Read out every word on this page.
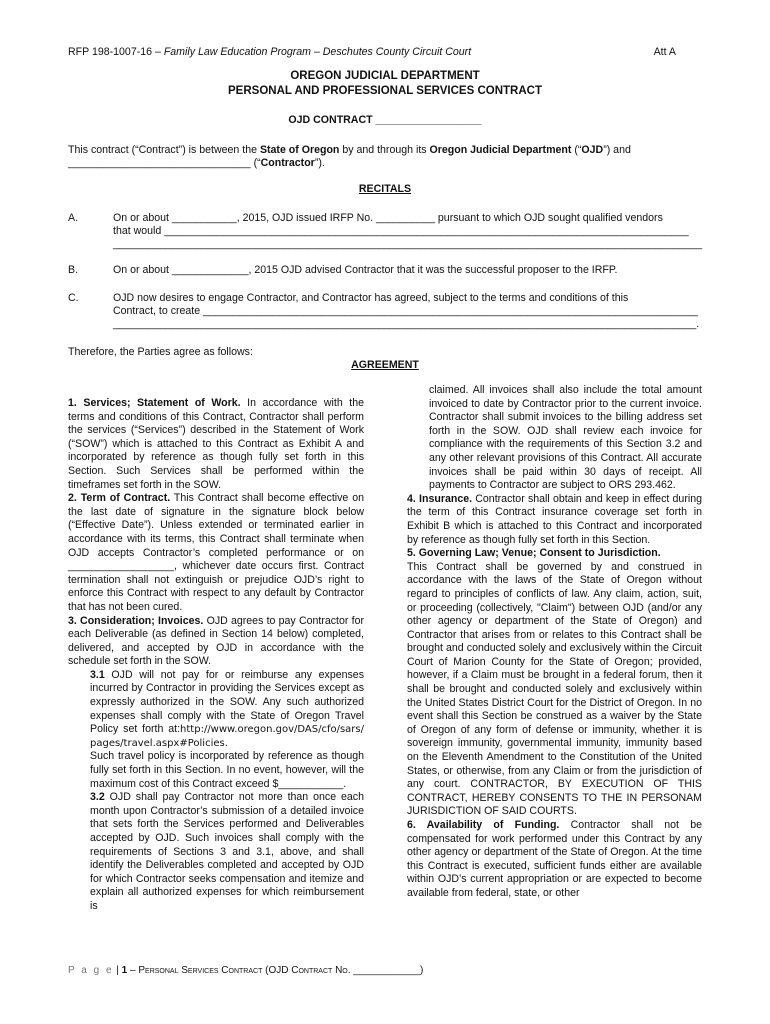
RFP 198-1007-16 – Family Law Education Program – Deschutes County Circuit Court	Att A
OREGON JUDICIAL DEPARTMENT
PERSONAL AND PROFESSIONAL SERVICES CONTRACT
OJD CONTRACT __________________
This contract (“Contract”) is between the State of Oregon by and through its Oregon Judicial Department (“OJD”) and
_______________________________ (“Contractor”).
RECITALS
A.	On or about ___________, 2015, OJD issued IRFP No. __________ pursuant to which OJD sought qualified vendors
that would _________________________________________________________________________________________
____________________________________________________________________________________________________
B.	On or about _____________, 2015 OJD advised Contractor that it was the successful proposer to the IRFP.
C.	OJD now desires to engage Contractor, and Contractor has agreed, subject to the terms and conditions of this
Contract, to create ____________________________________________________________________________________
___________________________________________________________________________________________________.
Therefore, the Parties agree as follows:
AGREEMENT

1. Services; Statement of Work. In accordance with the terms and conditions of this Contract, Contractor shall perform the services (“Services”) described in the Statement of Work (“SOW”) which is attached to this Contract as Exhibit A and incorporated by reference as though fully set forth in this Section. Such Services shall be performed within the timeframes set forth in the SOW.

2. Term of Contract. This Contract shall become effective on the last date of signature in the signature block below (“Effective Date”). Unless extended or terminated earlier in accordance with its terms, this Contract shall terminate when OJD accepts Contractor’s completed performance or on __________________, whichever date occurs first. Contract termination shall not extinguish or prejudice OJD’s right to enforce this Contract with respect to any default by Contractor that has not been cured.

3. Consideration; Invoices. OJD agrees to pay Contractor for each Deliverable (as defined in Section 14 below) completed, delivered, and accepted by OJD in accordance with the schedule set forth in the SOW.

3.1 OJD will not pay for or reimburse any expenses incurred by Contractor in providing the Services except as expressly authorized in the SOW. Any such authorized expenses shall comply with the State of Oregon Travel Policy set forth at:http://www.oregon.gov/DAS/cfo/sars/pages/travel.aspx#Policies.

Such travel policy is incorporated by reference as though fully set forth in this Section. In no event, however, will the maximum cost of this Contract exceed $___________.

3.2 OJD shall pay Contractor not more than once each month upon Contractor’s submission of a detailed invoice that sets forth the Services performed and Deliverables accepted by OJD. Such invoices shall comply with the requirements of Sections 3 and 3.1, above, and shall identify the Deliverables completed and accepted by OJD for which Contractor seeks compensation and itemize and explain all authorized expenses for which reimbursement is

claimed. All invoices shall also include the total amount invoiced to date by Contractor prior to the current invoice. Contractor shall submit invoices to the billing address set forth in the SOW. OJD shall review each invoice for compliance with the requirements of this Section 3.2 and any other relevant provisions of this Contract. All accurate invoices shall be paid within 30 days of receipt. All payments to Contractor are subject to ORS 293.462.

4. Insurance. Contractor shall obtain and keep in effect during the term of this Contract insurance coverage set forth in Exhibit B which is attached to this Contract and incorporated by reference as though fully set forth in this Section.

5. Governing Law; Venue; Consent to Jurisdiction.
This Contract shall be governed by and construed in accordance with the laws of the State of Oregon without regard to principles of conflicts of law. Any claim, action, suit, or proceeding (collectively, "Claim") between OJD (and/or any other agency or department of the State of Oregon) and Contractor that arises from or relates to this Contract shall be brought and conducted solely and exclusively within the Circuit Court of Marion County for the State of Oregon; provided, however, if a Claim must be brought in a federal forum, then it shall be brought and conducted solely and exclusively within the United States District Court for the District of Oregon. In no event shall this Section be construed as a waiver by the State of Oregon of any form of defense or immunity, whether it is sovereign immunity, governmental immunity, immunity based on the Eleventh Amendment to the Constitution of the United States, or otherwise, from any Claim or from the jurisdiction of any court. CONTRACTOR, BY EXECUTION OF THIS CONTRACT, HEREBY CONSENTS TO THE IN PERSONAM JURISDICTION OF SAID COURTS.

6. Availability of Funding. Contractor shall not be compensated for work performed under this Contract by any other agency or department of the State of Oregon. At the time this Contract is executed, sufficient funds either are available within OJD’s current appropriation or are expected to become available from federal, state, or other

P a g e | 1 – Personal Services Contract (OJD Contract No. ____________)
